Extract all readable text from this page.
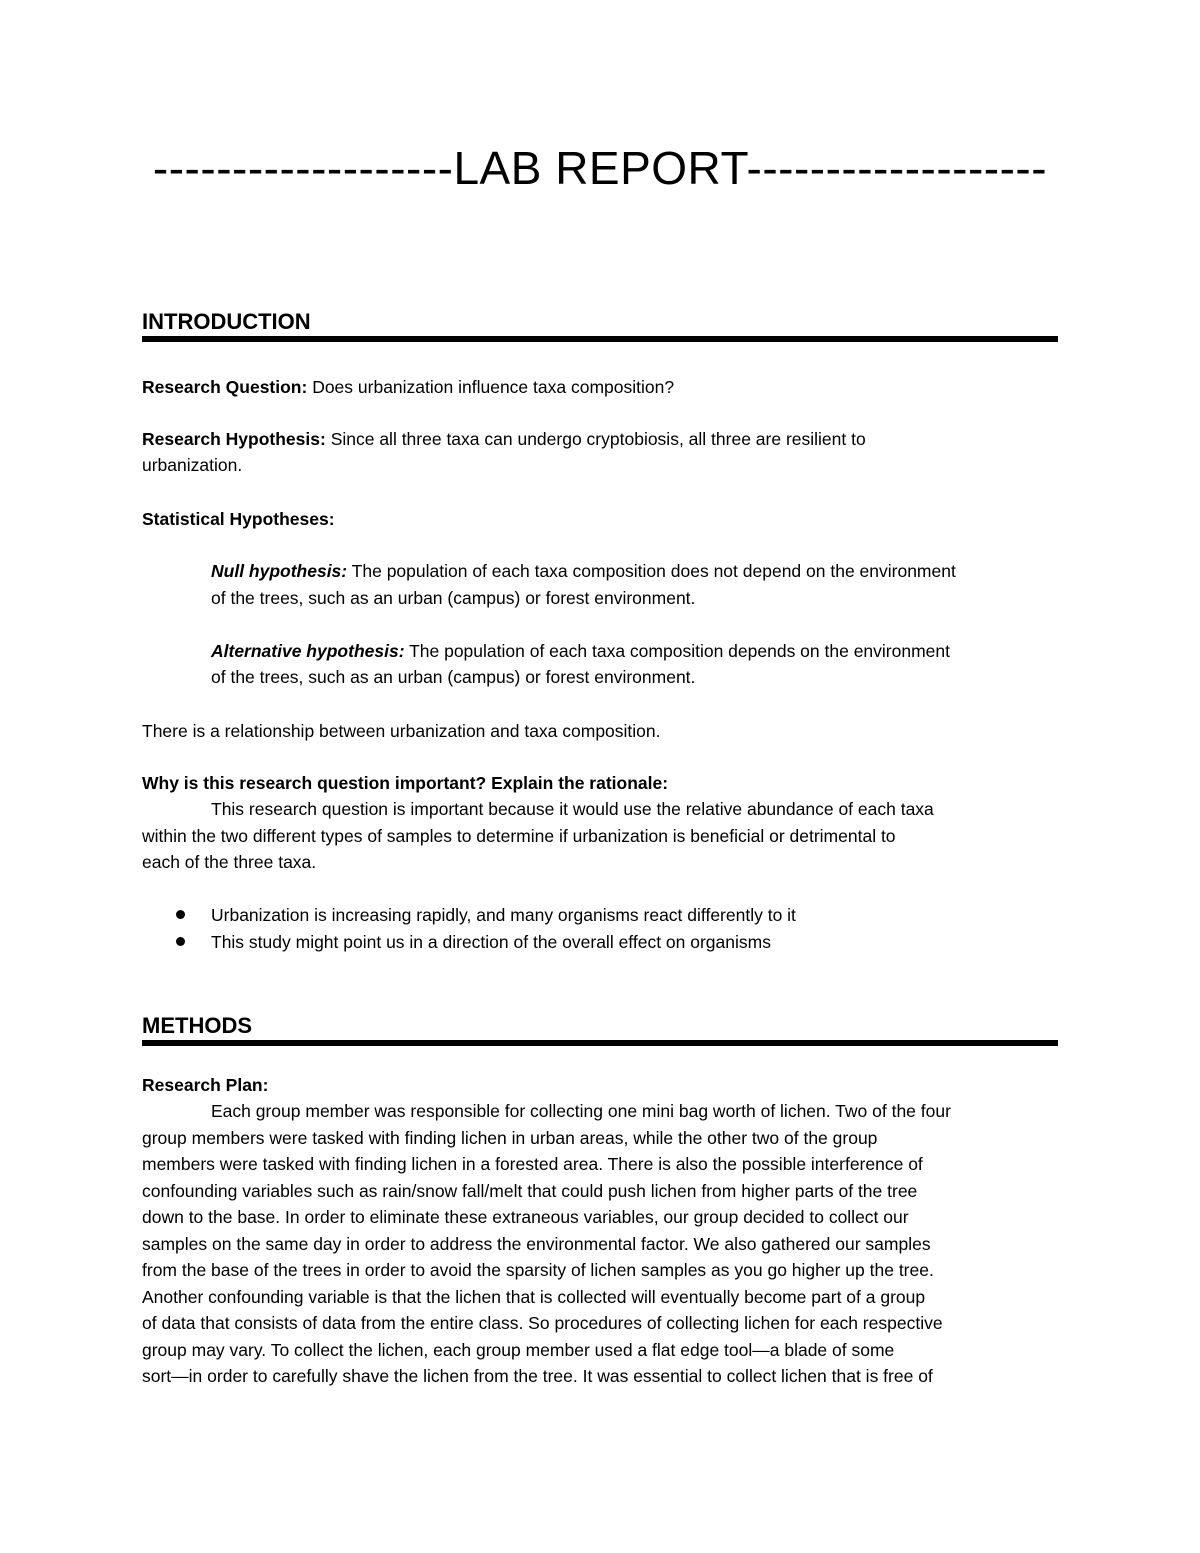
-------------------LAB REPORT-------------------
INTRODUCTION
Research Question: Does urbanization influence taxa composition?
Research Hypothesis: Since all three taxa can undergo cryptobiosis, all three are resilient to
urbanization.
Statistical Hypotheses:
Null hypothesis: The population of each taxa composition does not depend on the environment
of the trees, such as an urban (campus) or forest environment.
Alternative hypothesis: The population of each taxa composition depends on the environment
of the trees, such as an urban (campus) or forest environment.
There is a relationship between urbanization and taxa composition.
Why is this research question important? Explain the rationale:
This research question is important because it would use the relative abundance of each taxa
within the two different types of samples to determine if urbanization is beneficial or detrimental to
each of the three taxa.
Urbanization is increasing rapidly, and many organisms react differently to it
This study might point us in a direction of the overall effect on organisms
METHODS
Research Plan:
Each group member was responsible for collecting one mini bag worth of lichen. Two of the four
group members were tasked with finding lichen in urban areas, while the other two of the group
members were tasked with finding lichen in a forested area. There is also the possible interference of
confounding variables such as rain/snow fall/melt that could push lichen from higher parts of the tree
down to the base. In order to eliminate these extraneous variables, our group decided to collect our
samples on the same day in order to address the environmental factor. We also gathered our samples
from the base of the trees in order to avoid the sparsity of lichen samples as you go higher up the tree.
Another confounding variable is that the lichen that is collected will eventually become part of a group
of data that consists of data from the entire class. So procedures of collecting lichen for each respective
group may vary. To collect the lichen, each group member used a flat edge tool—a blade of some
sort—in order to carefully shave the lichen from the tree. It was essential to collect lichen that is free of
